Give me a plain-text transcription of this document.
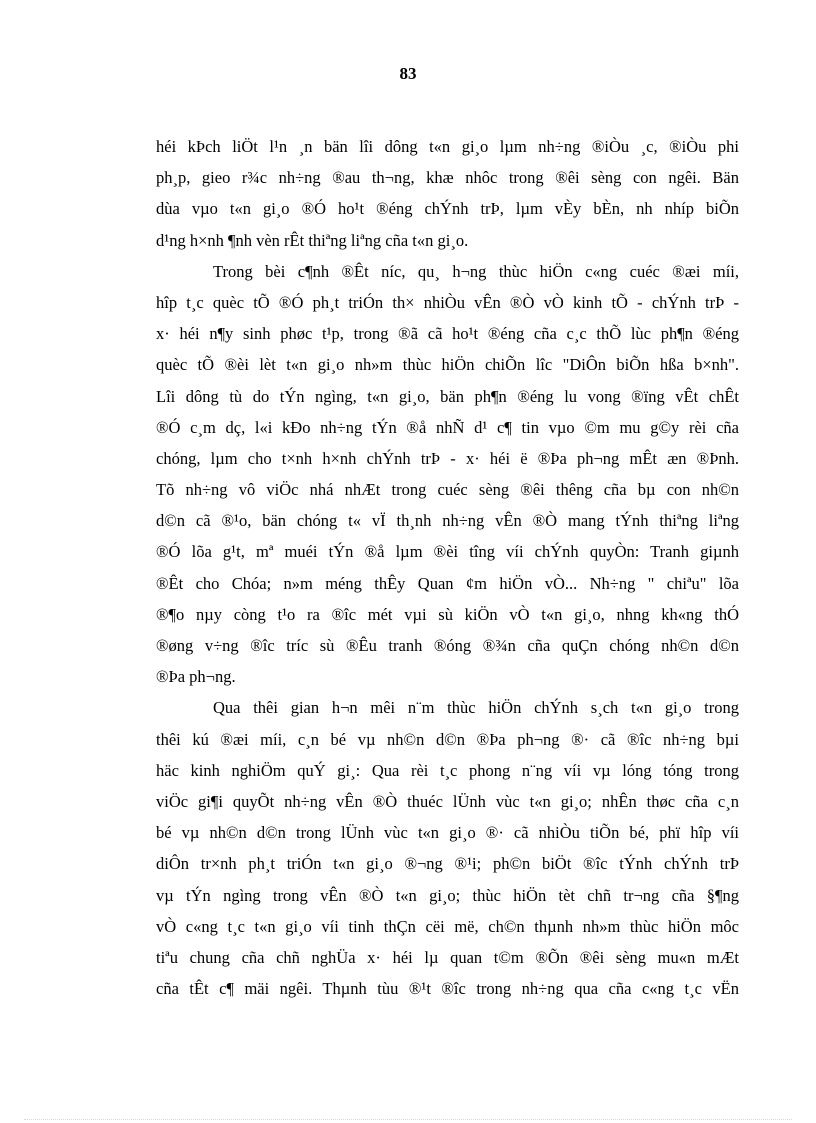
83
héi kÞch liÖt l¹n ¸n bän lîi dông t«n gi¸o lµm nh÷ng ®iÒu ¸c, ®iÒu phi
ph¸p, gieo r¾c nh÷ng ®au th¬ng, khæ nhôc trong ®êi sèng con ngêi. Bän
dùa vµo t«n gi¸o ®Ó ho¹t ®éng chÝnh trÞ, lµm vÈy bÈn, nh nhíp biÕn
d¹ng h×nh ¶nh vèn rÊt thiªng liªng cña t«n gi¸o.
Trong bèi c¶nh ®Êt níc, qu¸ h¬ng thùc hiÖn c«ng cuéc ®æi míi,
hîp t¸c quèc tÕ ®Ó ph¸t triÓn th× nhiÒu vÊn ®Ò vÒ kinh tÕ - chÝnh trÞ -
x· héi n¶y sinh phøc t¹p, trong ®ã cã ho¹t ®éng cña c¸c thÕ lùc ph¶n ®éng
quèc tÕ ®èi lèt t«n gi¸o nh»m thùc hiÖn chiÕn lîc "DiÔn biÕn hßa b×nh".
Lîi dông tù do tÝn ngìng, t«n gi¸o, bän ph¶n ®éng lu vong ®ïng vÊt chÊt
®Ó c¸m dç, l«i kÐo nh÷ng tÝn ®å nhÑ d¹ c¶ tin vµo ©m mu g©y rèi cña
chóng, lµm cho t×nh h×nh chÝnh trÞ - x· héi ë ®Þa ph¬ng mÊt æn ®Þnh.
Tõ nh÷ng vô viÖc nhá nhÆt trong cuéc sèng ®êi thêng cña bµ con nh©n
d©n cã ®¹o, bän chóng t« vÏ th¸nh nh÷ng vÊn ®Ò mang tÝnh thiªng liªng
®Ó lõa g¹t, mª muéi tÝn ®å lµm ®èi tîng víi chÝnh quyÒn: Tranh giµnh
®Êt cho Chóa; n»m méng thÊy Quan ¢m hiÖn vÒ... Nh÷ng " chiªu" lõa
®¶o nµy còng t¹o ra ®îc mét vµi sù kiÖn vÒ t«n gi¸o, nhng kh«ng thÓ
®øng v÷ng ®îc tríc sù ®Êu tranh ®óng ®¾n cña quÇn chóng nh©n d©n
®Þa ph¬ng.
Qua thêi gian h¬n mêi n¨m thùc hiÖn chÝnh s¸ch t«n gi¸o trong
thêi kú ®æi míi, c¸n bé vµ nh©n d©n ®Þa ph¬ng ®· cã ®îc nh÷ng bµi
häc kinh nghiÖm quÝ gi¸: Qua rèi t¸c phong n¨ng víi vµ lóng tóng trong
viÖc gi¶i quyÕt nh÷ng vÊn ®Ò thuéc lÜnh vùc t«n gi¸o; nhÊn thøc cña c¸n
bé vµ nh©n d©n trong lÜnh vùc t«n gi¸o ®· cã nhiÒu tiÕn bé, phï hîp víi
diÔn tr×nh ph¸t triÓn t«n gi¸o ®¬ng ®¹i; ph©n biÖt ®îc tÝnh chÝnh trÞ
vµ tÝn ngìng trong vÊn ®Ò t«n gi¸o; thùc hiÖn tèt chñ tr¬ng cña §¶ng
vÒ c«ng t¸c t«n gi¸o víi tinh thÇn cëi më, ch©n thµnh nh»m thùc hiÖn môc
tiªu chung cña chñ nghÜa x· héi lµ quan t©m ®Õn ®êi sèng mu«n mÆt
cña tÊt c¶ mäi ngêi. Thµnh tùu ®¹t ®îc trong nh÷ng qua cña c«ng t¸c vËn
